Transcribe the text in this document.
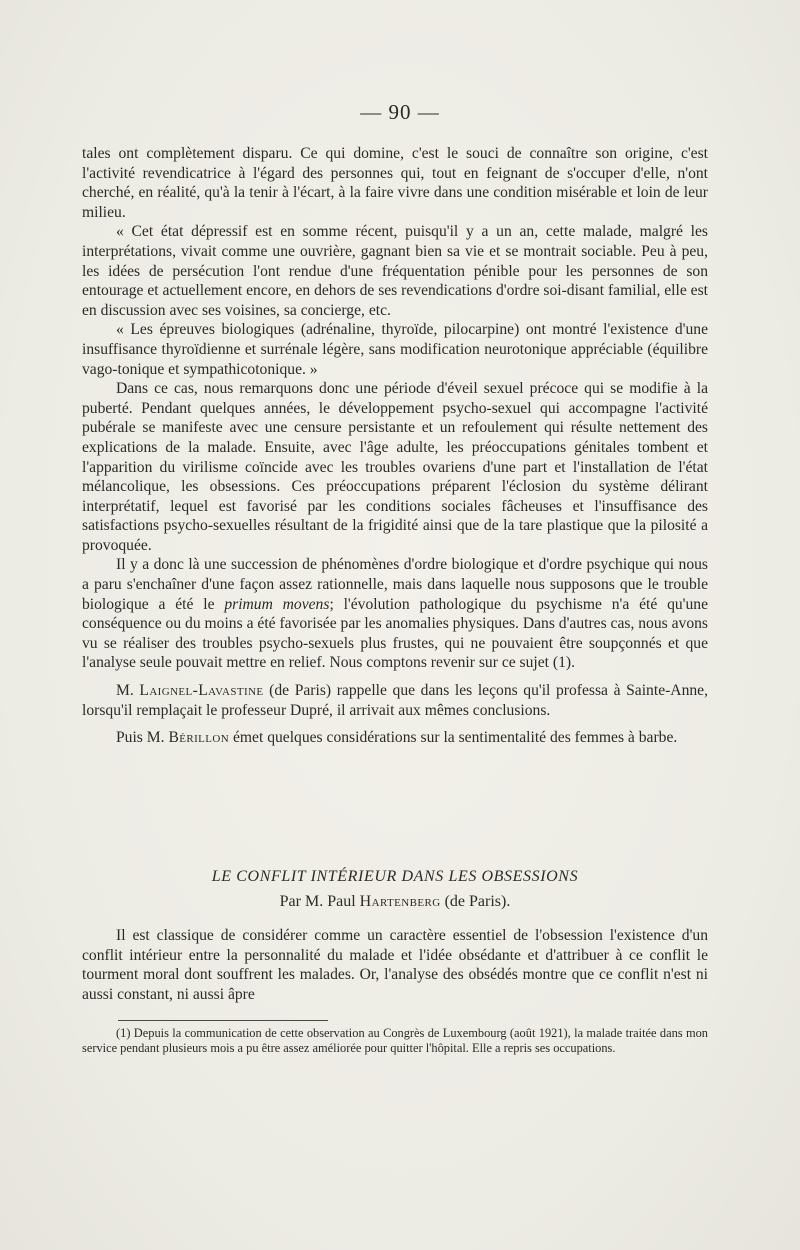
— 90 —

tales ont complètement disparu. Ce qui domine, c'est le souci de connaître son origine, c'est l'activité revendicatrice à l'égard des personnes qui, tout en feignant de s'occuper d'elle, n'ont cherché, en réalité, qu'à la tenir à l'écart, à la faire vivre dans une condition misérable et loin de leur milieu.

« Cet état dépressif est en somme récent, puisqu'il y a un an, cette malade, malgré les interprétations, vivait comme une ouvrière, gagnant bien sa vie et se montrait sociable. Peu à peu, les idées de persécution l'ont rendue d'une fréquentation pénible pour les personnes de son entourage et actuellement encore, en dehors de ses revendications d'ordre soi-disant familial, elle est en discussion avec ses voisines, sa concierge, etc.

« Les épreuves biologiques (adrénaline, thyroïde, pilocarpine) ont montré l'existence d'une insuffisance thyroïdienne et surrénale légère, sans modification neurotonique appréciable (équilibre vago-tonique et sympathicotonique. »

Dans ce cas, nous remarquons donc une période d'éveil sexuel précoce qui se modifie à la puberté. Pendant quelques années, le développement psycho-sexuel qui accompagne l'activité pubérale se manifeste avec une censure persistante et un refoulement qui résulte nettement des explications de la malade. Ensuite, avec l'âge adulte, les préoccupations génitales tombent et l'apparition du virilisme coïncide avec les troubles ovariens d'une part et l'installation de l'état mélancolique, les obsessions. Ces préoccupations préparent l'éclosion du système délirant interprétatif, lequel est favorisé par les conditions sociales fâcheuses et l'insuffisance des satisfactions psycho-sexuelles résultant de la frigidité ainsi que de la tare plastique que la pilosité a provoquée.

Il y a donc là une succession de phénomènes d'ordre biologique et d'ordre psychique qui nous a paru s'enchaîner d'une façon assez rationnelle, mais dans laquelle nous supposons que le trouble biologique a été le primum movens; l'évolution pathologique du psychisme n'a été qu'une conséquence ou du moins a été favorisée par les anomalies physiques. Dans d'autres cas, nous avons vu se réaliser des troubles psycho-sexuels plus frustes, qui ne pouvaient être soupçonnés et que l'analyse seule pouvait mettre en relief. Nous comptons revenir sur ce sujet (1).

M. Laignel-Lavastine (de Paris) rappelle que dans les leçons qu'il professa à Sainte-Anne, lorsqu'il remplaçait le professeur Dupré, il arrivait aux mêmes conclusions.

Puis M. Bérillon émet quelques considérations sur la sentimentalité des femmes à barbe.

LE CONFLIT INTÉRIEUR DANS LES OBSESSIONS
Par M. Paul Hartenberg (de Paris).

Il est classique de considérer comme un caractère essentiel de l'obsession l'existence d'un conflit intérieur entre la personnalité du malade et l'idée obsédante et d'attribuer à ce conflit le tourment moral dont souffrent les malades. Or, l'analyse des obsédés montre que ce conflit n'est ni aussi constant, ni aussi âpre

(1) Depuis la communication de cette observation au Congrès de Luxembourg (août 1921), la malade traitée dans mon service pendant plusieurs mois a pu être assez améliorée pour quitter l'hôpital. Elle a repris ses occupations.
